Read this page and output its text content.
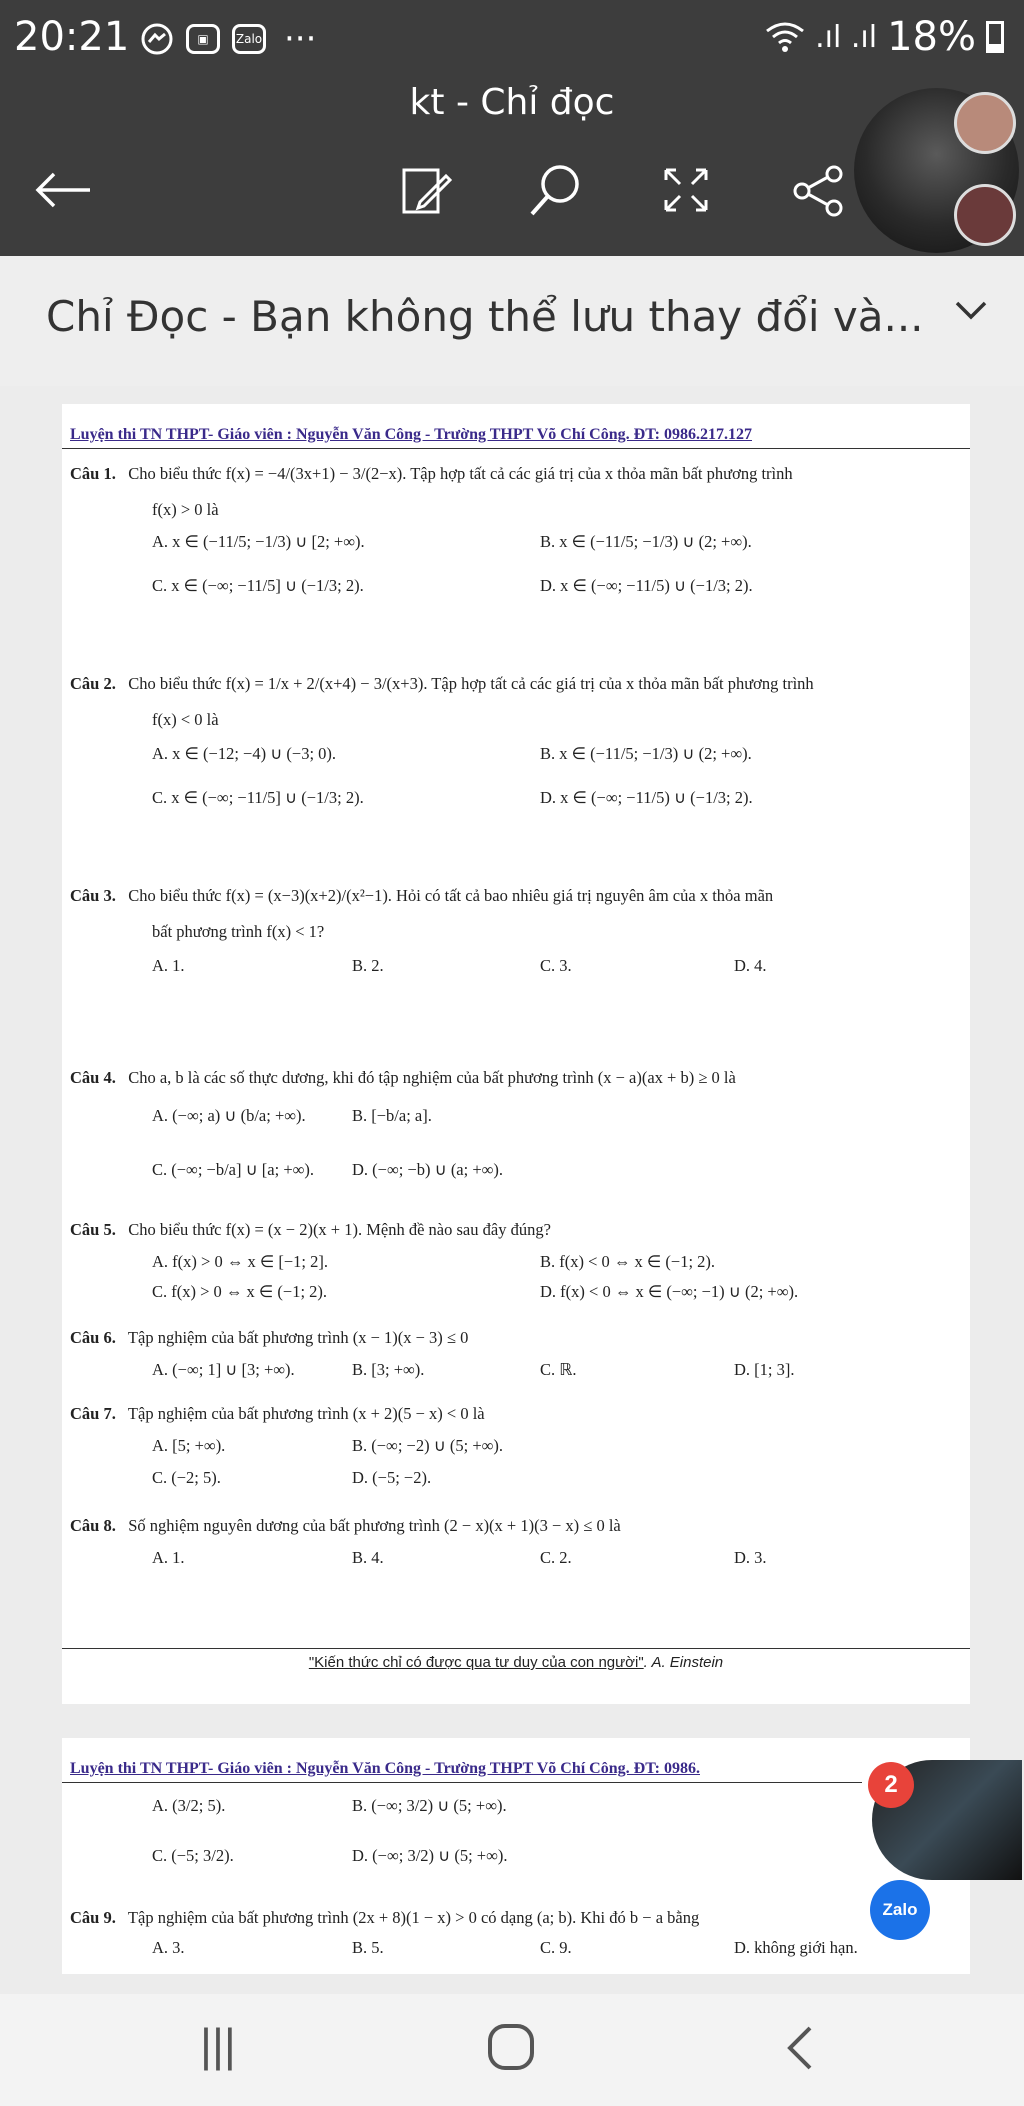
20:21	▣	Zalo ···	.ıl .ıl 18%
kt - Chỉ đọc
Chỉ Đọc - Bạn không thể lưu thay đổi và...
Luyện thi TN THPT- Giáo viên : Nguyễn Văn Công - Trường THPT Võ Chí Công. ĐT: 0986.217.127
Câu 1. Cho biểu thức f(x) = −4/(3x+1) − 3/(2−x). Tập hợp tất cả các giá trị của x thỏa mãn bất phương trình
f(x) > 0 là
A. x ∈ (−11/5; −1/3) ∪ [2; +∞).	B. x ∈ (−11/5; −1/3) ∪ (2; +∞).
C. x ∈ (−∞; −11/5] ∪ (−1/3; 2).	D. x ∈ (−∞; −11/5) ∪ (−1/3; 2).
Câu 2. Cho biểu thức f(x) = 1/x + 2/(x+4) − 3/(x+3). Tập hợp tất cả các giá trị của x thỏa mãn bất phương trình
f(x) < 0 là
A. x ∈ (−12; −4) ∪ (−3; 0).	B. x ∈ (−11/5; −1/3) ∪ (2; +∞).
C. x ∈ (−∞; −11/5] ∪ (−1/3; 2).	D. x ∈ (−∞; −11/5) ∪ (−1/3; 2).
Câu 3. Cho biểu thức f(x) = (x−3)(x+2)/(x²−1). Hỏi có tất cả bao nhiêu giá trị nguyên âm của x thỏa mãn
bất phương trình f(x) < 1?
A. 1.	B. 2.	C. 3.	D. 4.
Câu 4. Cho a, b là các số thực dương, khi đó tập nghiệm của bất phương trình (x − a)(ax + b) ≥ 0 là
A. (−∞; a) ∪ (b/a; +∞).	B. [−b/a; a].
C. (−∞; −b/a] ∪ [a; +∞). D. (−∞; −b) ∪ (a; +∞).
Câu 5. Cho biểu thức f(x) = (x − 2)(x + 1). Mệnh đề nào sau đây đúng?
A. f(x) > 0 ⇔ x ∈ [−1; 2].	B. f(x) < 0 ⇔ x ∈ (−1; 2).
C. f(x) > 0 ⇔ x ∈ (−1; 2).	D. f(x) < 0 ⇔ x ∈ (−∞; −1) ∪ (2; +∞).
Câu 6. Tập nghiệm của bất phương trình (x − 1)(x − 3) ≤ 0
A. (−∞; 1] ∪ [3; +∞).	B. [3; +∞).	C. ℝ.	D. [1; 3].
Câu 7. Tập nghiệm của bất phương trình (x + 2)(5 − x) < 0 là
A. [5; +∞).	B. (−∞; −2) ∪ (5; +∞).
C. (−2; 5).	D. (−5; −2).
Câu 8. Số nghiệm nguyên dương của bất phương trình (2 − x)(x + 1)(3 − x) ≤ 0 là
A. 1.	B. 4.	C. 2.	D. 3.
"Kiến thức chỉ có được qua tư duy của con người". A. Einstein
Luyện thi TN THPT- Giáo viên : Nguyễn Văn Công - Trường THPT Võ Chí Công. ĐT: 0986.
A. (3/2; 5).	B. (−∞; 3/2) ∪ (5; +∞).
C. (−5; 3/2).	D. (−∞; 3/2) ∪ (5; +∞).
Câu 9. Tập nghiệm của bất phương trình (2x + 8)(1 − x) > 0 có dạng (a; b). Khi đó b − a bằng
A. 3.	B. 5.	C. 9.	D. không giới hạn.
2
Zalo
|||
